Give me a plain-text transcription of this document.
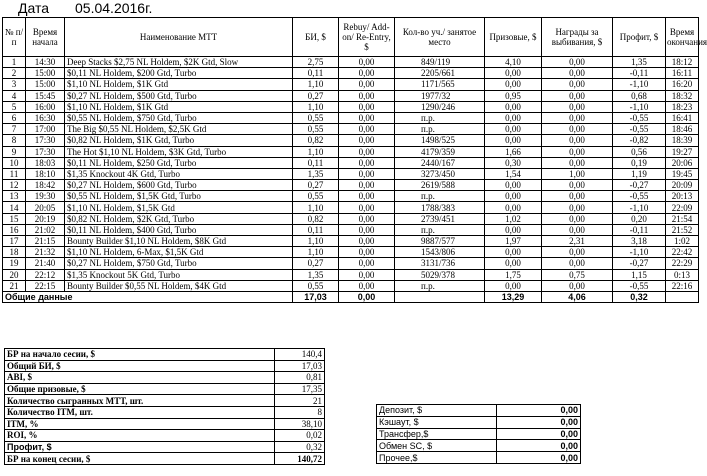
Дата 05.04.2016г.
№ п/п	Время начала	Наименование МТТ	БИ, $	Rebuy/ Add-on/ Re-Entry, $	Кол-во уч./ занятое место	Призовые, $	Награды за выбивания, $	Профит, $	Время окончания
1	14:30	Deep Stacks $2,75 NL Holdem, $2K Gtd, Slow	2,75	0,00	849/119	4,10	0,00	1,35	18:12
2	15:00	$0,11 NL Holdem, $200 Gtd, Turbo	0,11	0,00	2205/661	0,00	0,00	-0,11	16:11
3	15:00	$1,10 NL Holdem, $1K Gtd	1,10	0,00	1171/565	0,00	0,00	-1,10	16:20
4	15:45	$0,27 NL Holdem, $500 Gtd, Turbo	0,27	0,00	1977/32	0,95	0,00	0,68	18:32
5	16:00	$1,10 NL Holdem, $1K Gtd	1,10	0,00	1290/246	0,00	0,00	-1,10	18:23
6	16:30	$0,55 NL Holdem, $750 Gtd, Turbo	0,55	0,00	п.р.	0,00	0,00	-0,55	16:41
7	17:00	The Big $0,55 NL Holdem, $2,5K Gtd	0,55	0,00	п.р.	0,00	0,00	-0,55	18:46
8	17:30	$0,82 NL Holdem, $1K Gtd, Turbo	0,82	0,00	1498/525	0,00	0,00	-0,82	18:39
9	17:30	The Hot $1,10 NL Holdem, $3K Gtd, Turbo	1,10	0,00	4179/359	1,66	0,00	0,56	19:27
10	18:03	$0,11 NL Holdem, $250 Gtd, Turbo	0,11	0,00	2440/167	0,30	0,00	0,19	20:06
11	18:10	$1,35 Knockout 4K Gtd, Turbo	1,35	0,00	3273/450	1,54	1,00	1,19	19:45
12	18:42	$0,27 NL Holdem, $600 Gtd, Turbo	0,27	0,00	2619/588	0,00	0,00	-0,27	20:09
13	19:30	$0,55 NL Holdem, $1,5K Gtd, Turbo	0,55	0,00	п.р.	0,00	0,00	-0,55	20:13
14	20:05	$1,10 NL Holdem, $1,5K Gtd	1,10	0,00	1788/383	0,00	0,00	-1,10	22:09
15	20:19	$0,82 NL Holdem, $2K Gtd, Turbo	0,82	0,00	2739/451	1,02	0,00	0,20	21:54
16	21:02	$0,11 NL Holdem, $400 Gtd, Turbo	0,11	0,00	п.р.	0,00	0,00	-0,11	21:52
17	21:15	Bounty Builder $1,10 NL Holdem, $8K Gtd	1,10	0,00	9887/577	1,97	2,31	3,18	1:02
18	21:32	$1,10 NL Holdem, 6-Max, $1,5K Gtd	1,10	0,00	1543/806	0,00	0,00	-1,10	22:42
19	21:40	$0,27 NL Holdem, $750 Gtd, Turbo	0,27	0,00	3131/736	0,00	0,00	-0,27	22:29
20	22:12	$1,35 Knockout 5K Gtd, Turbo	1,35	0,00	5029/378	1,75	0,75	1,15	0:13
21	22:15	Bounty Builder $0,55 NL Holdem, $4K Gtd	0,55	0,00	п.р.	0,00	0,00	-0,55	22:16
Общие данные			17,03	0,00		13,29	4,06	0,32	
БР на начало сесии, $	140,4
Общий БИ, $	17,03
ABI, $	0,81
Общие призовые, $	17,35
Количество сыгранных МТТ, шт.	21
Количество ITM, шт.	8
ITM, %	38,10
ROI, %	0,02
Профит, $	0,32
БР на конец сесии, $	140,72
Депозит, $	0,00
Кэшаут, $	0,00
Трансфер,$	0,00
Обмен SC, $	0,00
Прочее,$	0,00
